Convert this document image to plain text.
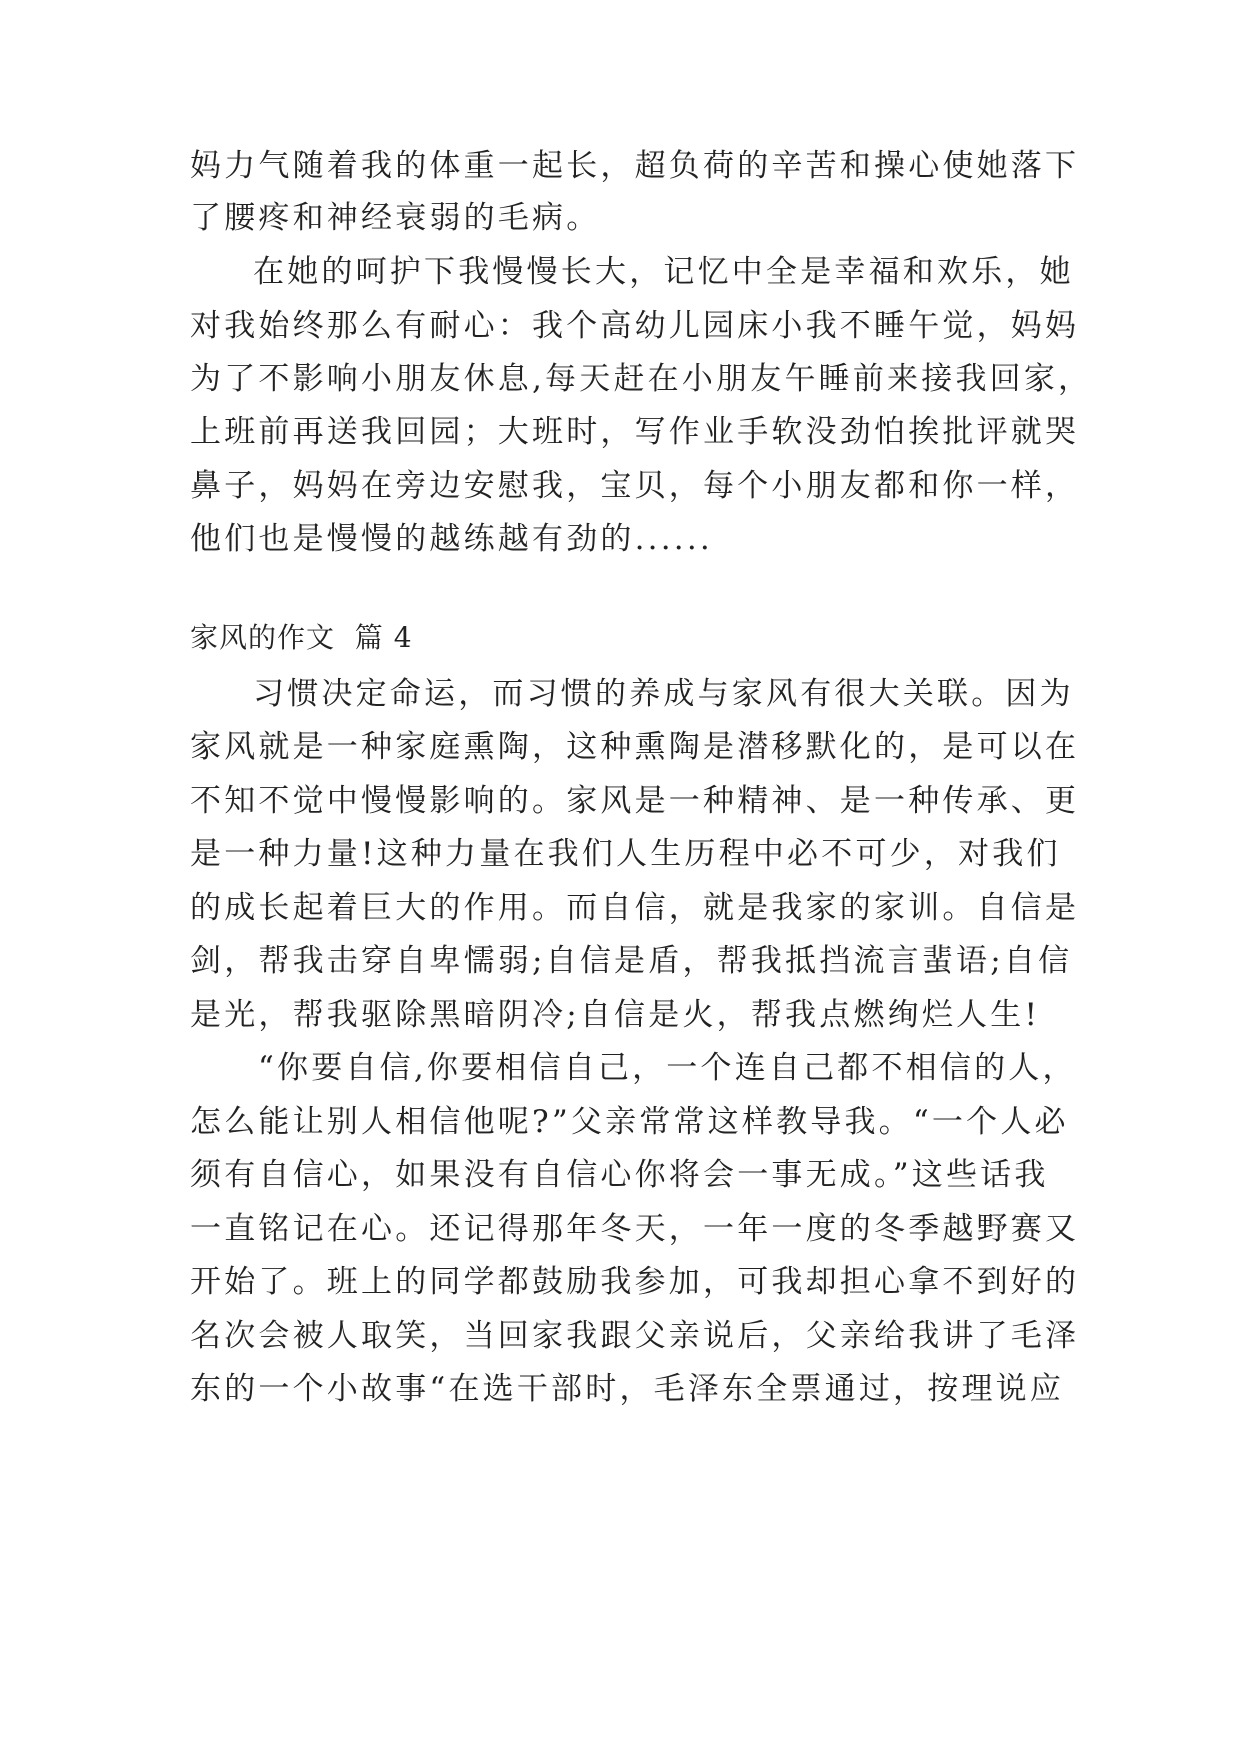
妈力气随着我的体重一起长，超负荷的辛苦和操心使她落下
了腰疼和神经衰弱的毛病。
在她的呵护下我慢慢长大，记忆中全是幸福和欢乐，她
对我始终那么有耐心：我个高幼儿园床小我不睡午觉，妈妈
为了不影响小朋友休息,每天赶在小朋友午睡前来接我回家，
上班前再送我回园；大班时，写作业手软没劲怕挨批评就哭
鼻子，妈妈在旁边安慰我，宝贝，每个小朋友都和你一样，
他们也是慢慢的越练越有劲的......
家风的作文  篇 4
习惯决定命运，而习惯的养成与家风有很大关联。因为
家风就是一种家庭熏陶，这种熏陶是潜移默化的，是可以在
不知不觉中慢慢影响的。家风是一种精神、是一种传承、更
是一种力量!这种力量在我们人生历程中必不可少，对我们
的成长起着巨大的作用。而自信，就是我家的家训。自信是
剑，帮我击穿自卑懦弱;自信是盾，帮我抵挡流言蜚语;自信
是光，帮我驱除黑暗阴冷;自信是火，帮我点燃绚烂人生!
“你要自信,你要相信自己，一个连自己都不相信的人，
怎么能让别人相信他呢?”父亲常常这样教导我。“一个人必
须有自信心，如果没有自信心你将会一事无成。”这些话我
一直铭记在心。还记得那年冬天，一年一度的冬季越野赛又
开始了。班上的同学都鼓励我参加，可我却担心拿不到好的
名次会被人取笑，当回家我跟父亲说后，父亲给我讲了毛泽
东的一个小故事“在选干部时，毛泽东全票通过，按理说应
